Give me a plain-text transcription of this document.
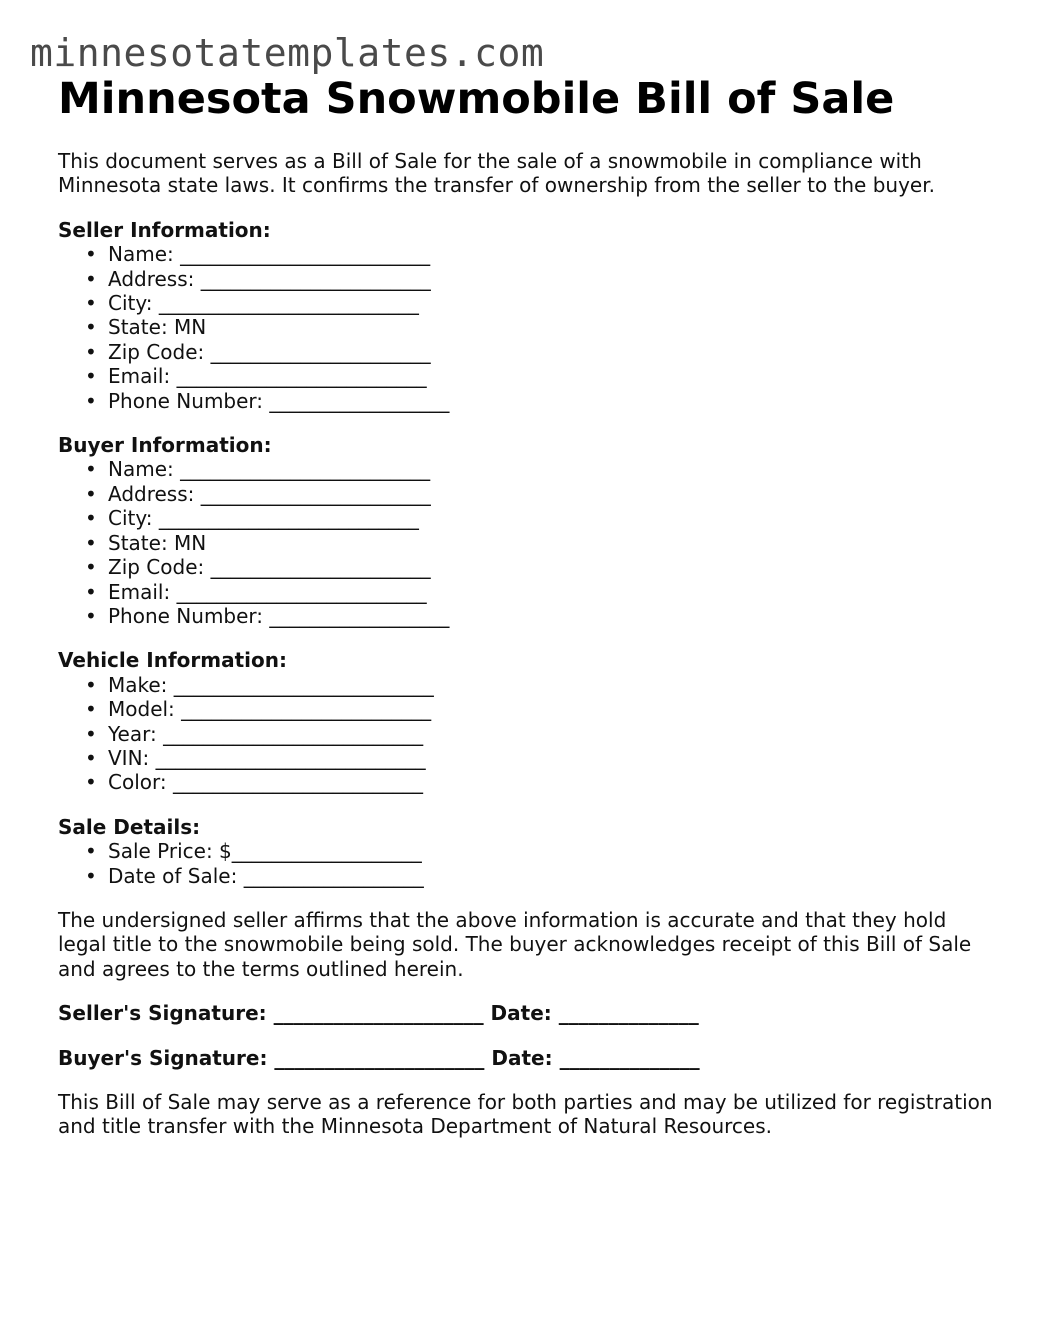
minnesotatemplates.com
Minnesota Snowmobile Bill of Sale

This document serves as a Bill of Sale for the sale of a snowmobile in compliance with Minnesota state laws. It confirms the transfer of ownership from the seller to the buyer.

Seller Information:

• Name: _________________________
• Address: _______________________
• City: __________________________
• State: MN
• Zip Code: ______________________
• Email: _________________________
• Phone Number: __________________

Buyer Information:

• Name: _________________________
• Address: _______________________
• City: __________________________
• State: MN
• Zip Code: ______________________
• Email: _________________________
• Phone Number: __________________

Vehicle Information:

• Make: __________________________
• Model: _________________________
• Year: __________________________
• VIN: ___________________________
• Color: _________________________

Sale Details:

• Sale Price: $___________________
• Date of Sale: __________________

The undersigned seller affirms that the above information is accurate and that they hold legal title to the snowmobile being sold. The buyer acknowledges receipt of this Bill of Sale and agrees to the terms outlined herein.

Seller's Signature: _____________________ Date: ______________

Buyer's Signature: _____________________ Date: ______________

This Bill of Sale may serve as a reference for both parties and may be utilized for registration and title transfer with the Minnesota Department of Natural Resources.
